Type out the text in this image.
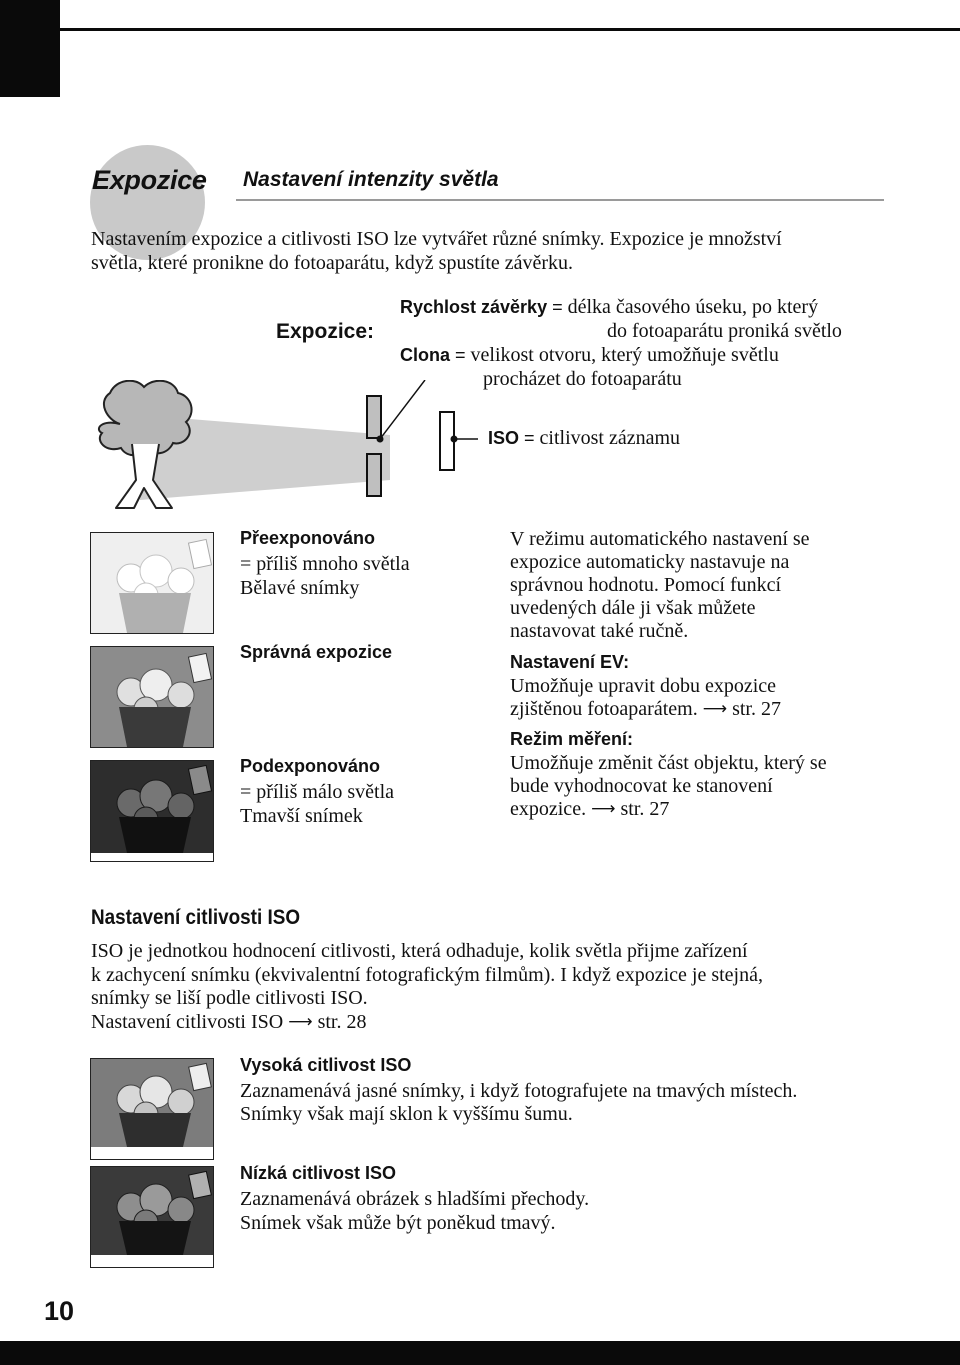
Expozice Nastavení intenzity světla
Nastavením expozice a citlivosti ISO lze vytvářet různé snímky. Expozice je množství
světla, které pronikne do fotoaparátu, když spustíte závěrku.
Expozice:
Rychlost závěrky = délka časového úseku, po který
do fotoaparátu proniká světlo
Clona = velikost otvoru, který umožňuje světlu
procházet do fotoaparátu
ISO = citlivost záznamu
Přeexponováno
= příliš mnoho světla
Bělavé snímky
Správná expozice
Podexponováno
= příliš málo světla
Tmavší snímek
V režimu automatického nastavení se
expozice automaticky nastavuje na
správnou hodnotu. Pomocí funkcí
uvedených dále ji však můžete
nastavovat také ručně.
Nastavení EV:
Umožňuje upravit dobu expozice
zjištěnou fotoaparátem. ⟶ str. 27
Režim měření:
Umožňuje změnit část objektu, který se
bude vyhodnocovat ke stanovení
expozice. ⟶ str. 27
Nastavení citlivosti ISO
ISO je jednotkou hodnocení citlivosti, která odhaduje, kolik světla přijme zařízení
k zachycení snímku (ekvivalentní fotografickým filmům). I když expozice je stejná,
snímky se liší podle citlivosti ISO.
Nastavení citlivosti ISO ⟶ str. 28
Vysoká citlivost ISO
Zaznamenává jasné snímky, i když fotografujete na tmavých místech.
Snímky však mají sklon k vyššímu šumu.
Nízká citlivost ISO
Zaznamenává obrázek s hladšími přechody.
Snímek však může být poněkud tmavý.
10
